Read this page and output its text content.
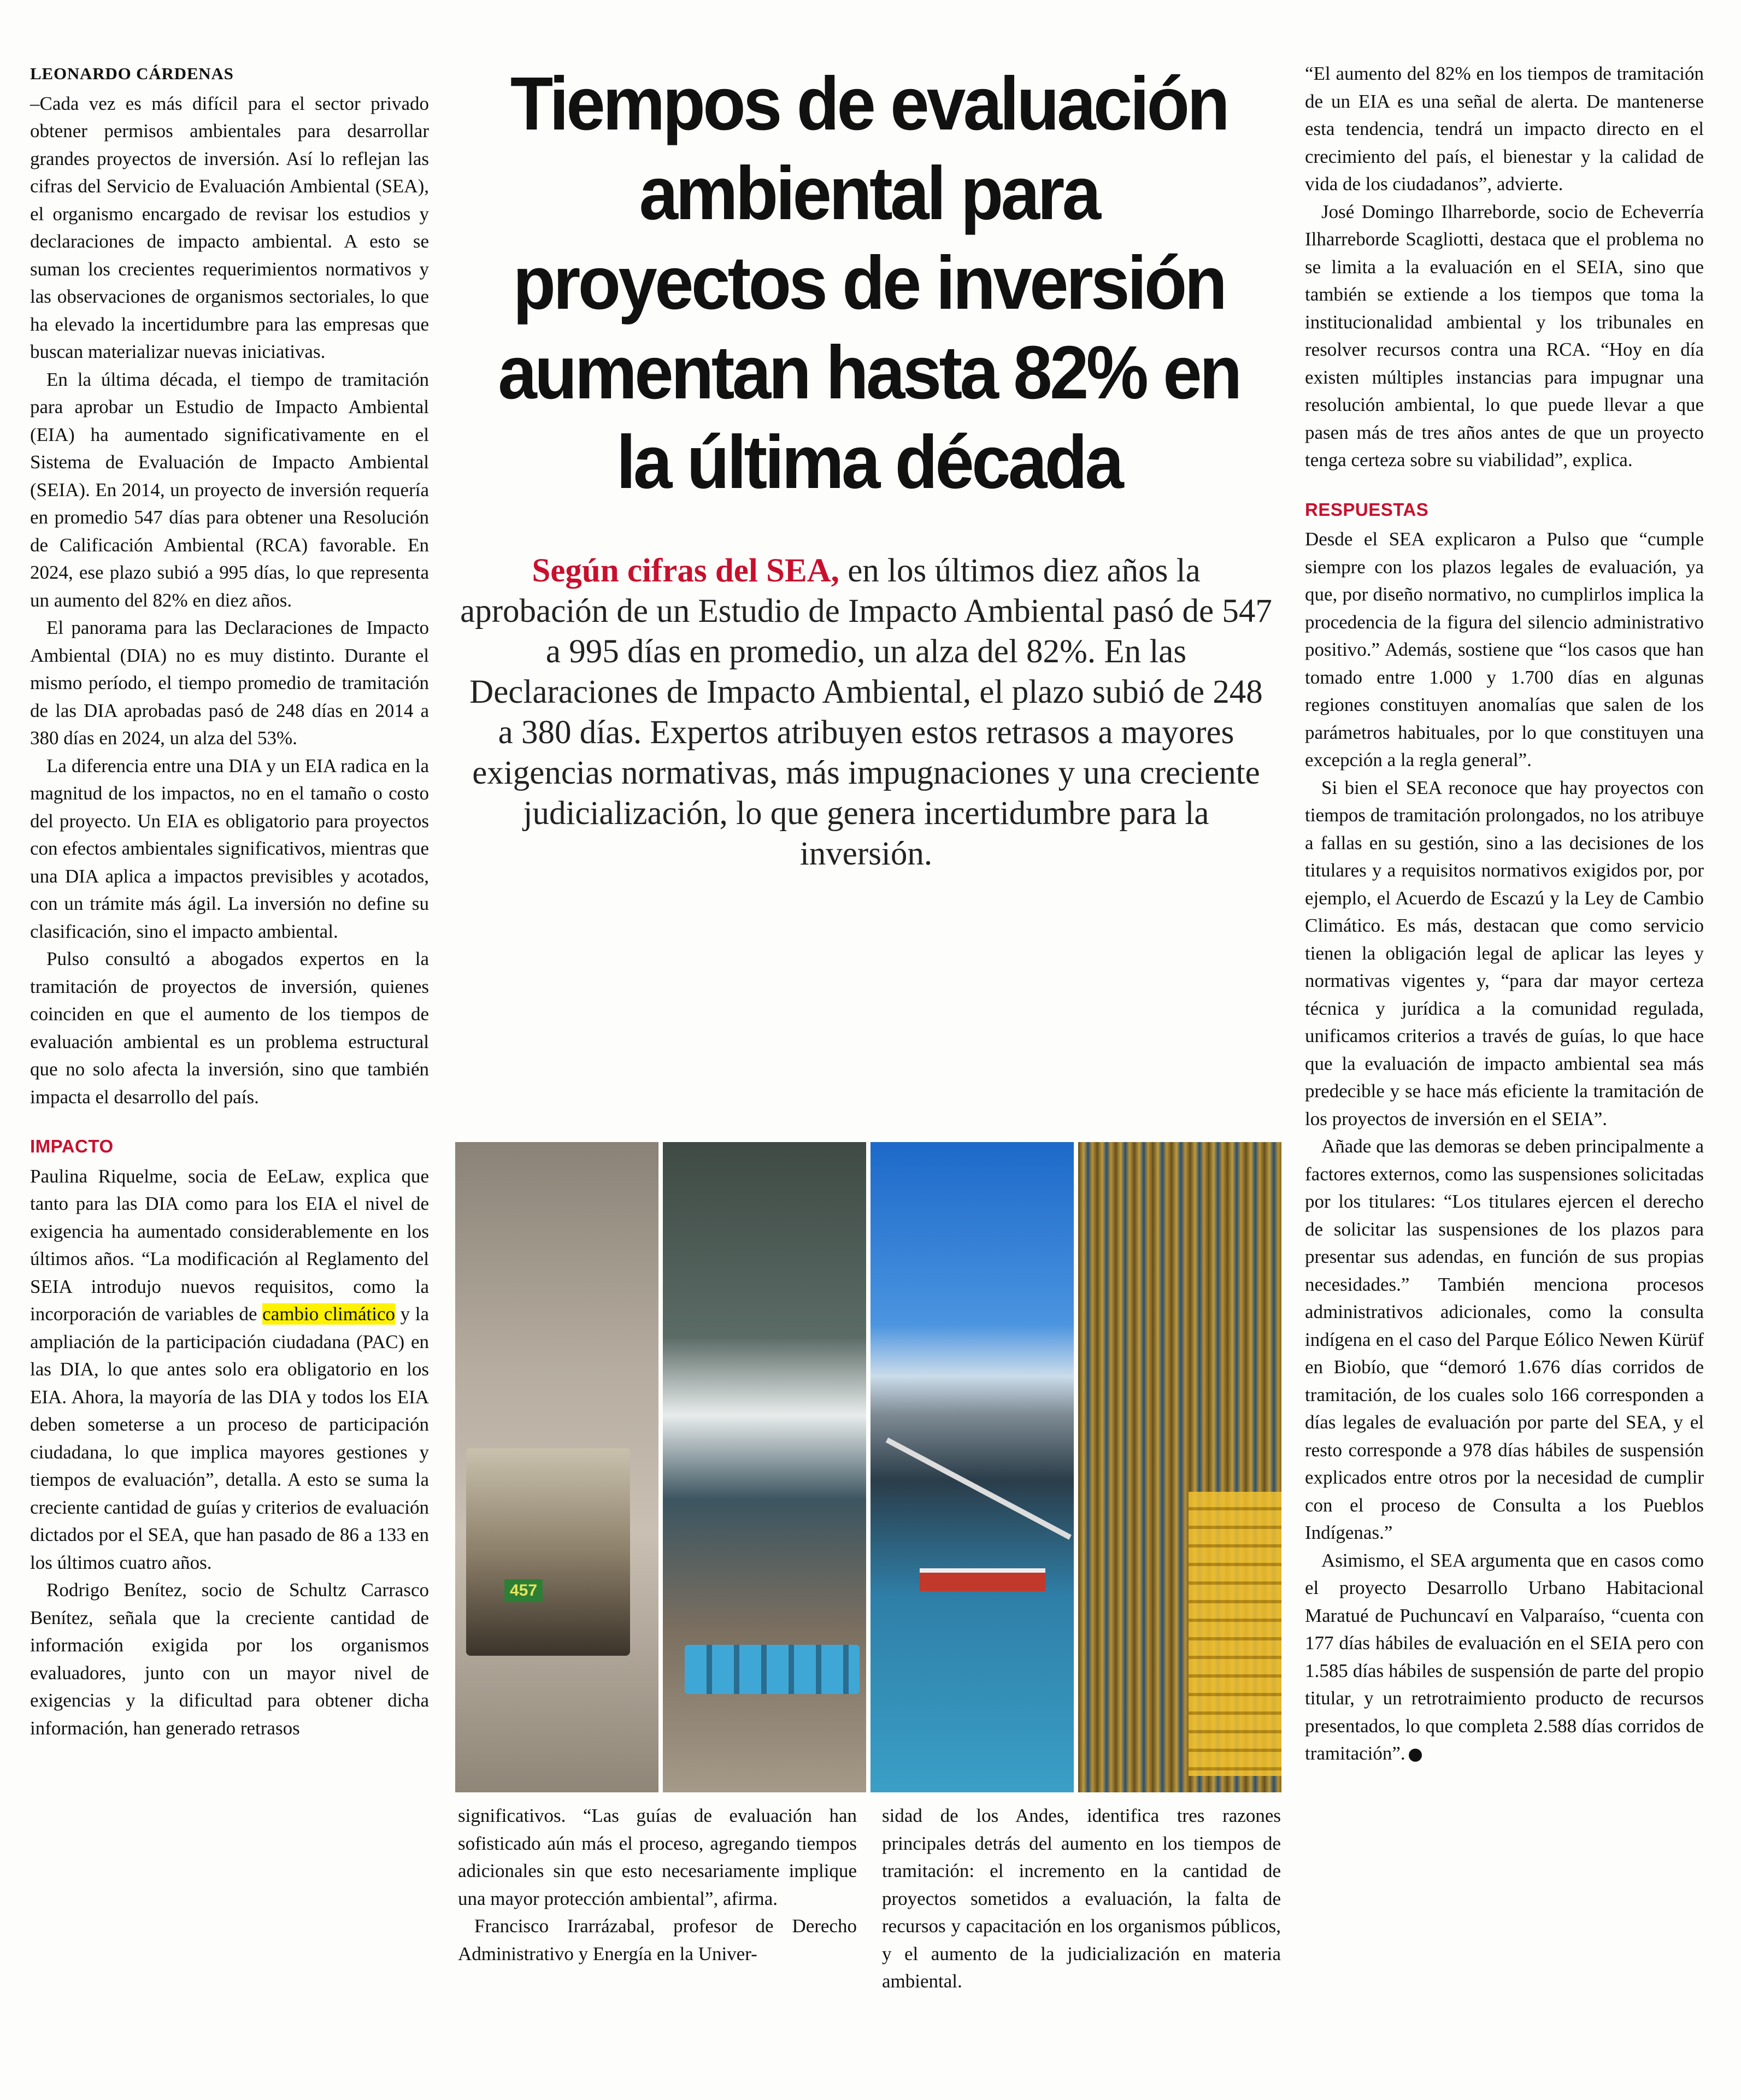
LEONARDO CÁRDENAS

–Cada vez es más difícil para el sector privado obtener permisos ambientales para desarrollar grandes proyectos de inversión. Así lo reflejan las cifras del Servicio de Evaluación Ambiental (SEA), el organismo encargado de revisar los estudios y declaraciones de impacto ambiental. A esto se suman los crecientes requerimientos normativos y las observaciones de organismos sectoriales, lo que ha elevado la incertidumbre para las empresas que buscan materializar nuevas iniciativas.

En la última década, el tiempo de tramitación para aprobar un Estudio de Impacto Ambiental (EIA) ha aumentado significativamente en el Sistema de Evaluación de Impacto Ambiental (SEIA). En 2014, un proyecto de inversión requería en promedio 547 días para obtener una Resolución de Calificación Ambiental (RCA) favorable. En 2024, ese plazo subió a 995 días, lo que representa un aumento del 82% en diez años.

El panorama para las Declaraciones de Impacto Ambiental (DIA) no es muy distinto. Durante el mismo período, el tiempo promedio de tramitación de las DIA aprobadas pasó de 248 días en 2014 a 380 días en 2024, un alza del 53%.

La diferencia entre una DIA y un EIA radica en la magnitud de los impactos, no en el tamaño o costo del proyecto. Un EIA es obligatorio para proyectos con efectos ambientales significativos, mientras que una DIA aplica a impactos previsibles y acotados, con un trámite más ágil. La inversión no define su clasificación, sino el impacto ambiental.

Pulso consultó a abogados expertos en la tramitación de proyectos de inversión, quienes coinciden en que el aumento de los tiempos de evaluación ambiental es un problema estructural que no solo afecta la inversión, sino que también impacta el desarrollo del país.

IMPACTO

Paulina Riquelme, socia de EeLaw, explica que tanto para las DIA como para los EIA el nivel de exigencia ha aumentado considerablemente en los últimos años. “La modificación al Reglamento del SEIA introdujo nuevos requisitos, como la incorporación de variables de cambio climático y la ampliación de la participación ciudadana (PAC) en las DIA, lo que antes solo era obligatorio en los EIA. Ahora, la mayoría de las DIA y todos los EIA deben someterse a un proceso de participación ciudadana, lo que implica mayores gestiones y tiempos de evaluación”, detalla. A esto se suma la creciente cantidad de guías y criterios de evaluación dictados por el SEA, que han pasado de 86 a 133 en los últimos cuatro años.

Rodrigo Benítez, socio de Schultz Carrasco Benítez, señala que la creciente cantidad de información exigida por los organismos evaluadores, junto con un mayor nivel de exigencias y la dificultad para obtener dicha información, han generado retrasos

Tiempos de evaluación ambiental para proyectos de inversión aumentan hasta 82% en la última década
Según cifras del SEA, en los últimos diez años la aprobación de un Estudio de Impacto Ambiental pasó de 547 a 995 días en promedio, un alza del 82%. En las Declaraciones de Impacto Ambiental, el plazo subió de 248 a 380 días. Expertos atribuyen estos retrasos a mayores exigencias normativas, más impugnaciones y una creciente judicialización, lo que genera incertidumbre para la inversión.
457

significativos. “Las guías de evaluación han sofisticado aún más el proceso, agregando tiempos adicionales sin que esto necesariamente implique una mayor protección ambiental”, afirma.

Francisco Irarrázabal, profesor de Derecho Administrativo y Energía en la Univer-

sidad de los Andes, identifica tres razones principales detrás del aumento en los tiempos de tramitación: el incremento en la cantidad de proyectos sometidos a evaluación, la falta de recursos y capacitación en los organismos públicos, y el aumento de la judicialización en materia ambiental.

“El aumento del 82% en los tiempos de tramitación de un EIA es una señal de alerta. De mantenerse esta tendencia, tendrá un impacto directo en el crecimiento del país, el bienestar y la calidad de vida de los ciudadanos”, advierte.

José Domingo Ilharreborde, socio de Echeverría Ilharreborde Scagliotti, destaca que el problema no se limita a la evaluación en el SEIA, sino que también se extiende a los tiempos que toma la institucionalidad ambiental y los tribunales en resolver recursos contra una RCA. “Hoy en día existen múltiples instancias para impugnar una resolución ambiental, lo que puede llevar a que pasen más de tres años antes de que un proyecto tenga certeza sobre su viabilidad”, explica.

RESPUESTAS

Desde el SEA explicaron a Pulso que “cumple siempre con los plazos legales de evaluación, ya que, por diseño normativo, no cumplirlos implica la procedencia de la figura del silencio administrativo positivo.” Además, sostiene que “los casos que han tomado entre 1.000 y 1.700 días en algunas regiones constituyen anomalías que salen de los parámetros habituales, por lo que constituyen una excepción a la regla general”.

Si bien el SEA reconoce que hay proyectos con tiempos de tramitación prolongados, no los atribuye a fallas en su gestión, sino a las decisiones de los titulares y a requisitos normativos exigidos por, por ejemplo, el Acuerdo de Escazú y la Ley de Cambio Climático. Es más, destacan que como servicio tienen la obligación legal de aplicar las leyes y normativas vigentes y, “para dar mayor certeza técnica y jurídica a la comunidad regulada, unificamos criterios a través de guías, lo que hace que la evaluación de impacto ambiental sea más predecible y se hace más eficiente la tramitación de los proyectos de inversión en el SEIA”.

Añade que las demoras se deben principalmente a factores externos, como las suspensiones solicitadas por los titulares: “Los titulares ejercen el derecho de solicitar las suspensiones de los plazos para presentar sus adendas, en función de sus propias necesidades.” También menciona procesos administrativos adicionales, como la consulta indígena en el caso del Parque Eólico Newen Kürüf en Biobío, que “demoró 1.676 días corridos de tramitación, de los cuales solo 166 corresponden a días legales de evaluación por parte del SEA, y el resto corresponde a 978 días hábiles de suspensión explicados entre otros por la necesidad de cumplir con el proceso de Consulta a los Pueblos Indígenas.”

Asimismo, el SEA argumenta que en casos como el proyecto Desarrollo Urbano Habitacional Maratué de Puchuncaví en Valparaíso, “cuenta con 177 días hábiles de evaluación en el SEIA pero con 1.585 días hábiles de suspensión de parte del propio titular, y un retrotraimiento producto de recursos presentados, lo que completa 2.588 días corridos de tramitación”. P
